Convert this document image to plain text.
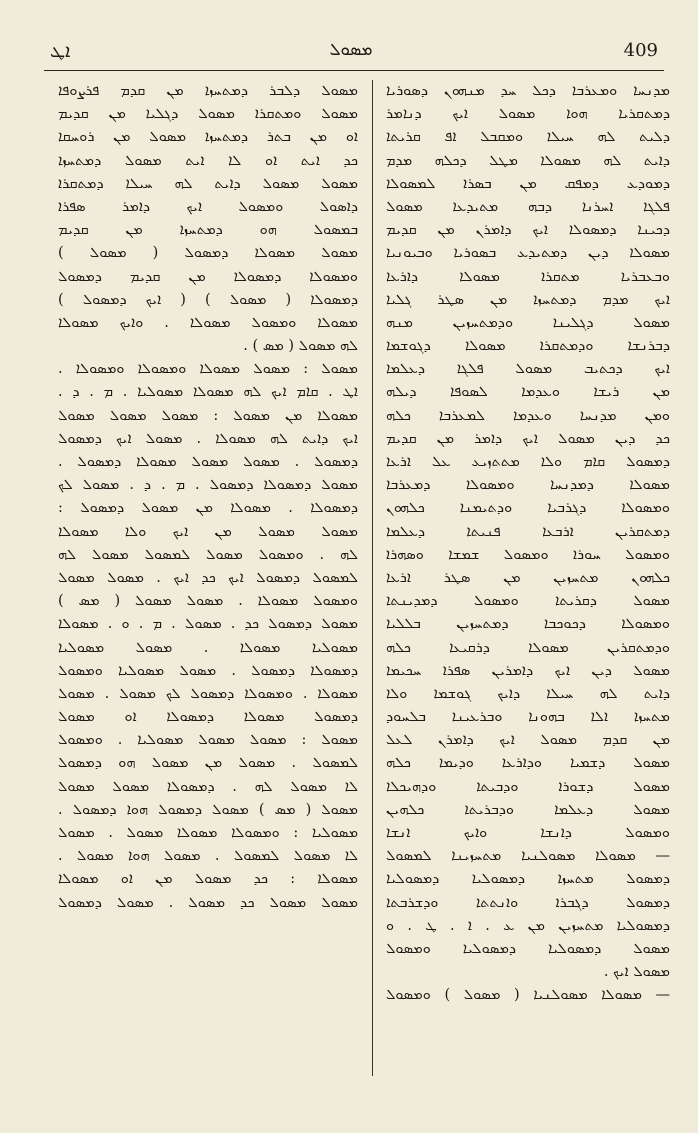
ܐܛ	ܡܣܘܠ	409
ܡܣܘܠ ܕܠܒܪ ܕܡܬܚܙܐ ܡܢ ܩܕܡ ܦܪܨܘܦܐ
ܡܣܘܠ ܘܡܬܩܪܐ ܡܣܘܠ ܕܓܠܝܐ ܡܢ ܩܕܝܡ
ܐܘ ܡܢ ܒܬܪ ܕܡܬܚܙܐ ܡܣܘܠ ܡܢ ܪܘܚܩܐ
ܟܕ ܐܝܬ ܐܘ ܠܐ ܐܝܬ ܡܣܘܠ ܕܡܬܚܙܐ
ܡܣܘܠ ܡܣܘܠ ܕܐܝܬ ܠܗ ܚܝܠܐ ܕܡܬܩܪܐ
ܕܐܣܘܠ ܘܡܣܘܠ ܐܝܟ ܕܐܡܪ ܣܦܪܐ
ܒܡܣܘܠ ܗܘ ܕܡܬܚܙܐ ܡܢ ܩܕܝܡ
ܡܣܘܠ ܡܣܘܠܐ ܕܡܣܘܠ ( ܡܣܘܠ )
ܘܡܣܘܠܐ ܕܡܣܘܠܐ ܡܢ ܩܕܝܡ ܕܡܣܘܠ
ܕܡܣܘܠܐ ( ܡܣܘܠ ) ( ܐܝܟ ܕܡܣܘܠ )
ܡܣܘܠܐ ܘܡܣܘܠ ܡܣܘܠܐ . ܘܐܝܟ ܡܣܘܠܐ
ܠܗ ܡܣܘܠ ( ܡܣ ) .
ܡܣܘܠ : ܡܣܘܠ ܡܣܘܠܐ ܘܡܣܘܠܐ ܘܡܣܘܠܐ .
ܐܛ . ܩܐܡ ܐܝܟ ܠܗ ܡܣܘܠܐ ܡܣܘܠܝܐ . ܡ . ܕ .
ܡܣܘܠܐ ܡܢ ܡܣܘܠ : ܡܣܘܠ ܡܣܘܠ ܡܣܘܠ
ܐܝܟ ܕܐܝܬ ܠܗ ܡܣܘܠܐ . ܡܣܘܠ ܐܝܟ ܕܡܣܘܠ
ܕܡܣܘܠ . ܡܣܘܠ ܡܣܘܠ ܡܣܘܠܐ ܕܡܣܘܠ .
ܡܣܘܠ ܕܡܣܘܠܐ ܕܡܣܘܠ . ܡ . ܕ . ܡܣܘܠ ܠܟ
ܕܡܣܘܠܐ . ܡܣܘܠܐ ܡܢ ܡܣܘܠ ܕܡܣܘܠ :
ܡܣܘܠ ܡܣܘܠ ܡܢ ܐܝܟ ܘܠܐ ܡܣܘܠܐ
ܠܗ . ܘܡܣܘܠ ܡܣܘܠ ܠܡܣܘܠ ܡܣܘܠ ܠܗ
ܠܡܣܘܠ ܕܡܣܘܠ ܐܝܟ ܟܕ ܐܝܟ . ܡܣܘܠ ܡܣܘܠ
ܘܡܣܘܠ ܡܣܘܠܐ . ܡܣܘܠ ܡܣܘܠ ( ܡܣ )
ܡܣܘܠ ܕܡܣܘܠ ܟܕ . ܡܣܘܠ . ܡ . ܘ . ܡܣܘܠܐ
ܡܣܘܠܝܐ ܡܣܘܠܐ . ܡܣܘܠ ܡܣܘܠܝܐ
ܕܡܣܘܠܐ ܕܡܣܘܠ . ܡܣܘܠ ܡܣܘܠܝܐ ܘܡܣܘܠ
ܡܣܘܠܐ . ܘܡܣܘܠܐ ܕܡܣܘܠ ܠܟ ܡܣܘܠ . ܡܣܘܠ
ܕܡܣܘܠ ܡܣܘܠܐ ܕܡܣܘܠܐ ܐܘ ܡܣܘܠ
ܡܣܘܠ : ܡܣܘܠ ܡܣܘܠ ܡܣܘܠܝܐ . ܘܡܣܘܠ
ܠܡܣܘܠ . ܡܣܘܠ ܡܢ ܡܣܘܠ ܗܘ ܕܡܣܘܠ
ܠܐ ܡܣܘܠ ܠܗ . ܕܡܣܘܠܐ ܡܣܘܠ ܡܣܘܠ
ܡܣܘܠ ( ܡܣ ) ܡܣܘܠ ܕܡܣܘܠ ܗܘܐ ܕܡܣܘܠ .
ܡܣܘܠܝܐ : ܘܡܣܘܠܐ ܡܣܘܠܐ ܡܣܘܠ . ܡܣܘܠ
ܠܐ ܡܣܘܠ ܠܡܣܘܠ . ܡܣܘܠ ܗܘܐ ܡܣܘܠ .
ܡܣܘܠܐ : ܟܕ ܡܣܘܠ ܡܢ ܐܘ ܡܣܘܠܐ
ܡܣܘܠ ܡܣܘܠ ܟܕ ܡܣܘܠ . ܡܣܘܠ ܕܡܣܘܠ
ܡܕܢܚܐ ܘܡܥܪܒܐ ܕܟܠ ܚܕ ܡܢܗܘܢ ܕܣܘܪܝܐ
ܕܡܬܩܪܝܐ ܗܘܐ ܡܣܘܠ ܐܝܟ ܕܢܐܡܪ
ܕܠܝܬ ܠܗ ܚܝܠܐ ܘܡܩܒܠ ܐܦ ܩܪܝܬܐ
ܕܐܝܬ ܠܗ ܡܣܘܠܐ ܡܛܠ ܕܟܠܗ ܡܕܡ
ܕܡܘܕܥ ܕܡܦܩ ܡܢ ܒܣܪܐ ܠܡܣܘܠܐ
ܦܠܓܐ ܐܚܪܢܐ ܕܒܗ ܡܬܝܕܥܐ ܡܣܘܠ
ܕܟܝܢܐ ܕܡܣܘܠܐ ܐܝܟ ܕܐܡܪܢ ܡܢ ܩܕܝܡ
ܡܣܘܠܐ ܕܝܢ ܕܡܬܝܕܥ ܒܣܘܪܝܐ ܘܒܝܘܢܝܐ
ܘܒܥܒܪܝܐ ܡܬܩܪܐ ܡܣܘܠܐ ܕܐܪܥܐ
ܐܝܟ ܡܕܡ ܕܡܬܚܙܐ ܡܢ ܣܛܪ ܓܠܝܐ
ܡܣܘܠ ܕܓܠܝܢܐ ܘܕܡܬܚܙܝܢ ܡܢܗ
ܕܒܪܢܫܐ ܘܕܡܬܩܪܐ ܡܣܘܠܐ ܕܓܘܫܡܐ
ܐܝܟ ܕܟܬܝܒ ܡܣܘܠ ܦܠܓܐ ܕܥܠܡܐ
ܡܢ ܪܝܫܐ ܘܥܕܡܐ ܠܣܘܦܐ ܕܝܠܗ
ܘܡܢ ܡܕܢܚܐ ܘܥܕܡܐ ܠܡܥܪܒܐ ܟܠܗ
ܟܕ ܕܝܢ ܡܣܘܠ ܐܝܟ ܕܐܡܪ ܡܢ ܩܕܝܡ
ܕܡܣܘܠ ܩܐܡ ܘܠܐ ܡܬܬܙܝܥ ܥܠ ܐܪܥܐ
ܡܣܘܠܐ ܕܡܕܢܚܐ ܘܡܣܘܠܐ ܕܡܥܪܒܐ
ܘܡܣܘܠܐ ܕܓܪܒܝܐ ܘܕܬܝܡܢܐ ܟܠܗܘܢ
ܕܡܬܩܪܝܢ ܐܪܒܥܐ ܦܢܝܬܐ ܕܥܠܡܐ
ܘܡܣܘܠ ܚܘܪܐ ܘܡܣܘܠ ܫܡܫܐ ܘܣܗܪܐ
ܟܠܗܘܢ ܡܬܚܙܝܢ ܡܢ ܣܛܪ ܐܪܥܐ
ܡܣܘܠ ܕܩܪܝܬܐ ܘܡܣܘܠ ܕܡܕܝܢܬܐ
ܘܡܣܘܠܐ ܕܟܘܟܒܐ ܕܡܬܚܙܝܢ ܒܠܠܝܐ
ܘܕܡܬܩܪܝܢ ܡܣܘܠܐ ܕܪܩܝܥܐ ܟܠܗ
ܡܣܘܠ ܕܝܢ ܐܝܟ ܕܐܡܪܝܢ ܣܦܪܐ ܚܟܝܡܐ
ܕܐܝܬ ܠܗ ܚܝܠܐ ܕܐܝܟ ܓܘܫܡܐ ܘܠܐ
ܡܬܚܙܐ ܐܠܐ ܒܗܘܢܐ ܘܒܪܥܝܢܐ ܒܠܚܘܕ
ܡܢ ܩܕܡ ܡܣܘܠ ܐܝܟ ܕܐܡܪܢ ܠܥܠ
ܡܣܘܠ ܕܫܡܝܐ ܘܕܐܪܥܐ ܘܕܝܡܐ ܟܠܗ
ܡܣܘܠ ܕܫܘܪܐ ܘܕܒܝܬܐ ܘܕܗܝܟܠܐ
ܡܣܘܠ ܕܥܠܡܐ ܘܕܒܪܝܬܐ ܟܠܗܝܢ
ܘܡܣܘܠ ܕܐܢܫܐ ܘܐܝܟ ܐܢܫܐ
— ܡܣܘܠܐ ܡܣܘܠܢܝܐ ܡܬܚܙܝܢܐ ܠܡܣܘܠ
ܕܡܣܘܠ ܡܬܚܙܐ ܕܡܣܘܠܝܐ ܕܡܣܘܠܝܐ
ܕܡܣܘܠ ܕܓܒܪܐ ܘܐܢܬܬܐ ܘܕܫܪܒܬܐ
ܕܡܣܘܠܝܐ ܡܬܚܙܝܢ ܡܢ ܥ . ܐ . ܛ . ܘ
ܡܣܘܠ ܕܡܣܘܠܝܐ ܕܡܣܘܠܝܐ ܘܡܣܘܠ
ܡܣܘܠ ܐܝܟ .
— ܡܣܘܠܐ ܡܣܘܠܢܝܐ ( ܡܣܘܠ ) ܘܡܣܘܠ
